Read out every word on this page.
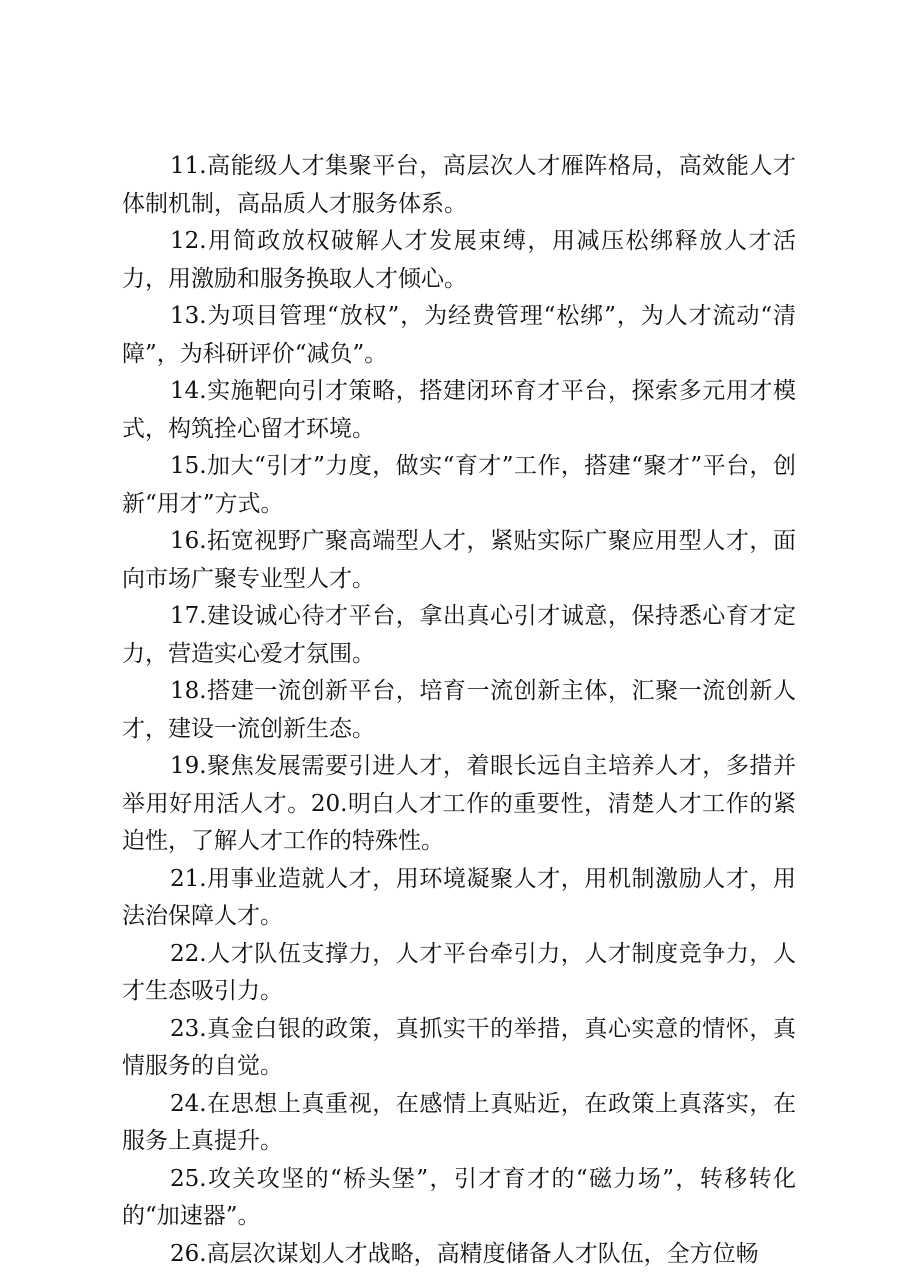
11.高能级人才集聚平台，高层次人才雁阵格局，高效能人才体制机制，高品质人才服务体系。

12.用简政放权破解人才发展束缚，用减压松绑释放人才活力，用激励和服务换取人才倾心。

13.为项目管理“放权”，为经费管理“松绑”，为人才流动“清障”，为科研评价“减负”。

14.实施靶向引才策略，搭建闭环育才平台，探索多元用才模式，构筑拴心留才环境。

15.加大“引才”力度，做实“育才”工作，搭建“聚才”平台，创新“用才”方式。

16.拓宽视野广聚高端型人才，紧贴实际广聚应用型人才，面向市场广聚专业型人才。

17.建设诚心待才平台，拿出真心引才诚意，保持悉心育才定力，营造实心爱才氛围。

18.搭建一流创新平台，培育一流创新主体，汇聚一流创新人才，建设一流创新生态。

19.聚焦发展需要引进人才，着眼长远自主培养人才，多措并举用好用活人才。20.明白人才工作的重要性，清楚人才工作的紧迫性，了解人才工作的特殊性。

21.用事业造就人才，用环境凝聚人才，用机制激励人才，用法治保障人才。

22.人才队伍支撑力，人才平台牵引力，人才制度竞争力，人才生态吸引力。

23.真金白银的政策，真抓实干的举措，真心实意的情怀，真情服务的自觉。

24.在思想上真重视，在感情上真贴近，在政策上真落实，在服务上真提升。

25.攻关攻坚的“桥头堡”，引才育才的“磁力场”，转移转化的“加速器”。

26.高层次谋划人才战略，高精度储备人才队伍，全方位畅
